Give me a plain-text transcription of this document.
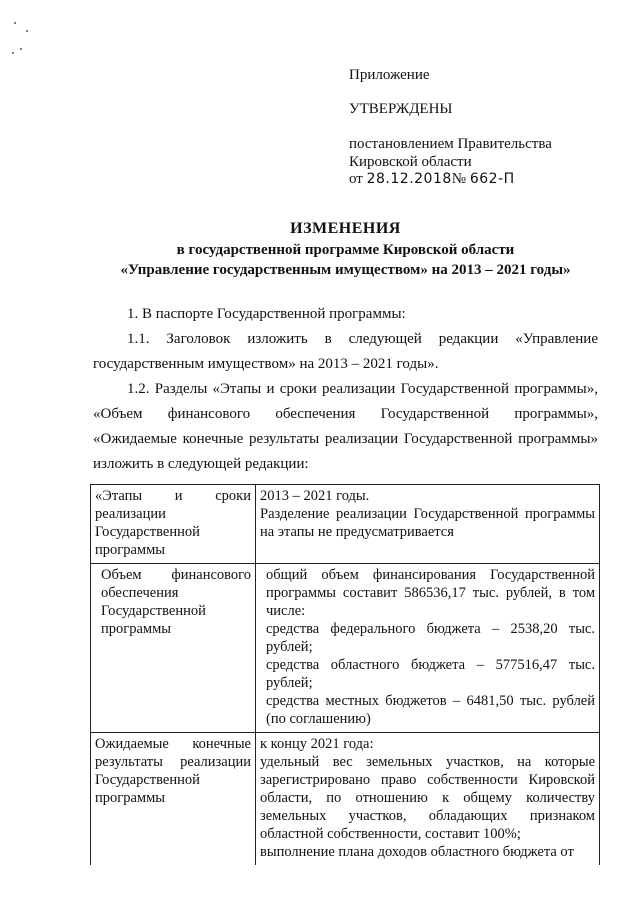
Приложение
УТВЕРЖДЕНЫ
постановлением Правительства
Кировской области
от 28.12.2018№ 662-П
ИЗМЕНЕНИЯ
в государственной программе Кировской области
«Управление государственным имуществом» на 2013 – 2021 годы»
1. В паспорте Государственной программы:
1.1. Заголовок изложить в следующей редакции «Управление государственным имуществом» на 2013 – 2021 годы».
1.2. Разделы «Этапы и сроки реализации Государственной программы», «Объем финансового обеспечения Государственной программы», «Ожидаемые конечные результаты реализации Государственной программы» изложить в следующей редакции:
«Этапы и сроки реализации Государственной программы	2013 – 2021 годы.
Разделение реализации Государственной программы на этапы не предусматривается

Объем финансового обеспечения Государственной программы	общий объем финансирования Государственной программы составит 586536,17 тыс. рублей, в том числе:
средства федерального бюджета – 2538,20 тыс. рублей;
средства областного бюджета – 577516,47 тыс. рублей;
средства местных бюджетов – 6481,50 тыс. рублей (по соглашению)

Ожидаемые конечные результаты реализации Государственной программы	к концу 2021 года:
удельный вес земельных участков, на которые зарегистрировано право собственности Кировской области, по отношению к общему количеству земельных участков, обладающих признаком областной собственности, составит 100%;
выполнение плана доходов областного бюджета от
